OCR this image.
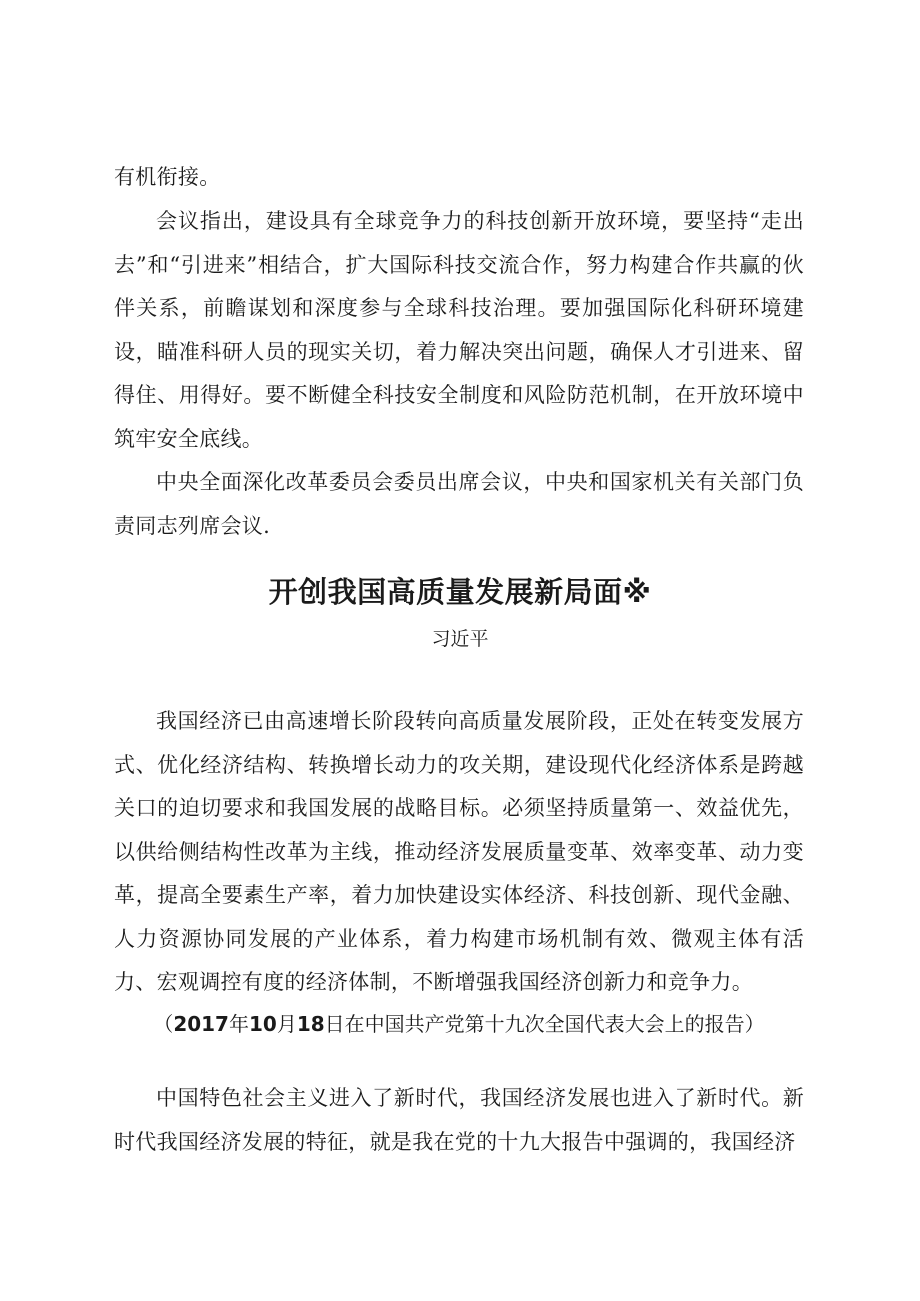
有机衔接。

会议指出，建设具有全球竞争力的科技创新开放环境，要坚持“走出去”和“引进来”相结合，扩大国际科技交流合作，努力构建合作共赢的伙伴关系，前瞻谋划和深度参与全球科技治理。要加强国际化科研环境建设，瞄准科研人员的现实关切，着力解决突出问题，确保人才引进来、留得住、用得好。要不断健全科技安全制度和风险防范机制，在开放环境中筑牢安全底线。

中央全面深化改革委员会委员出席会议，中央和国家机关有关部门负责同志列席会议.

开创我国高质量发展新局面※
习近平

我国经济已由高速增长阶段转向高质量发展阶段，正处在转变发展方式、优化经济结构、转换增长动力的攻关期，建设现代化经济体系是跨越关口的迫切要求和我国发展的战略目标。必须坚持质量第一、效益优先，以供给侧结构性改革为主线，推动经济发展质量变革、效率变革、动力变革，提高全要素生产率，着力加快建设实体经济、科技创新、现代金融、人力资源协同发展的产业体系，着力构建市场机制有效、微观主体有活力、宏观调控有度的经济体制，不断增强我国经济创新力和竞争力。

（2017年10月18日在中国共产党第十九次全国代表大会上的报告）

中国特色社会主义进入了新时代，我国经济发展也进入了新时代。新时代我国经济发展的特征，就是我在党的十九大报告中强调的，我国经济
